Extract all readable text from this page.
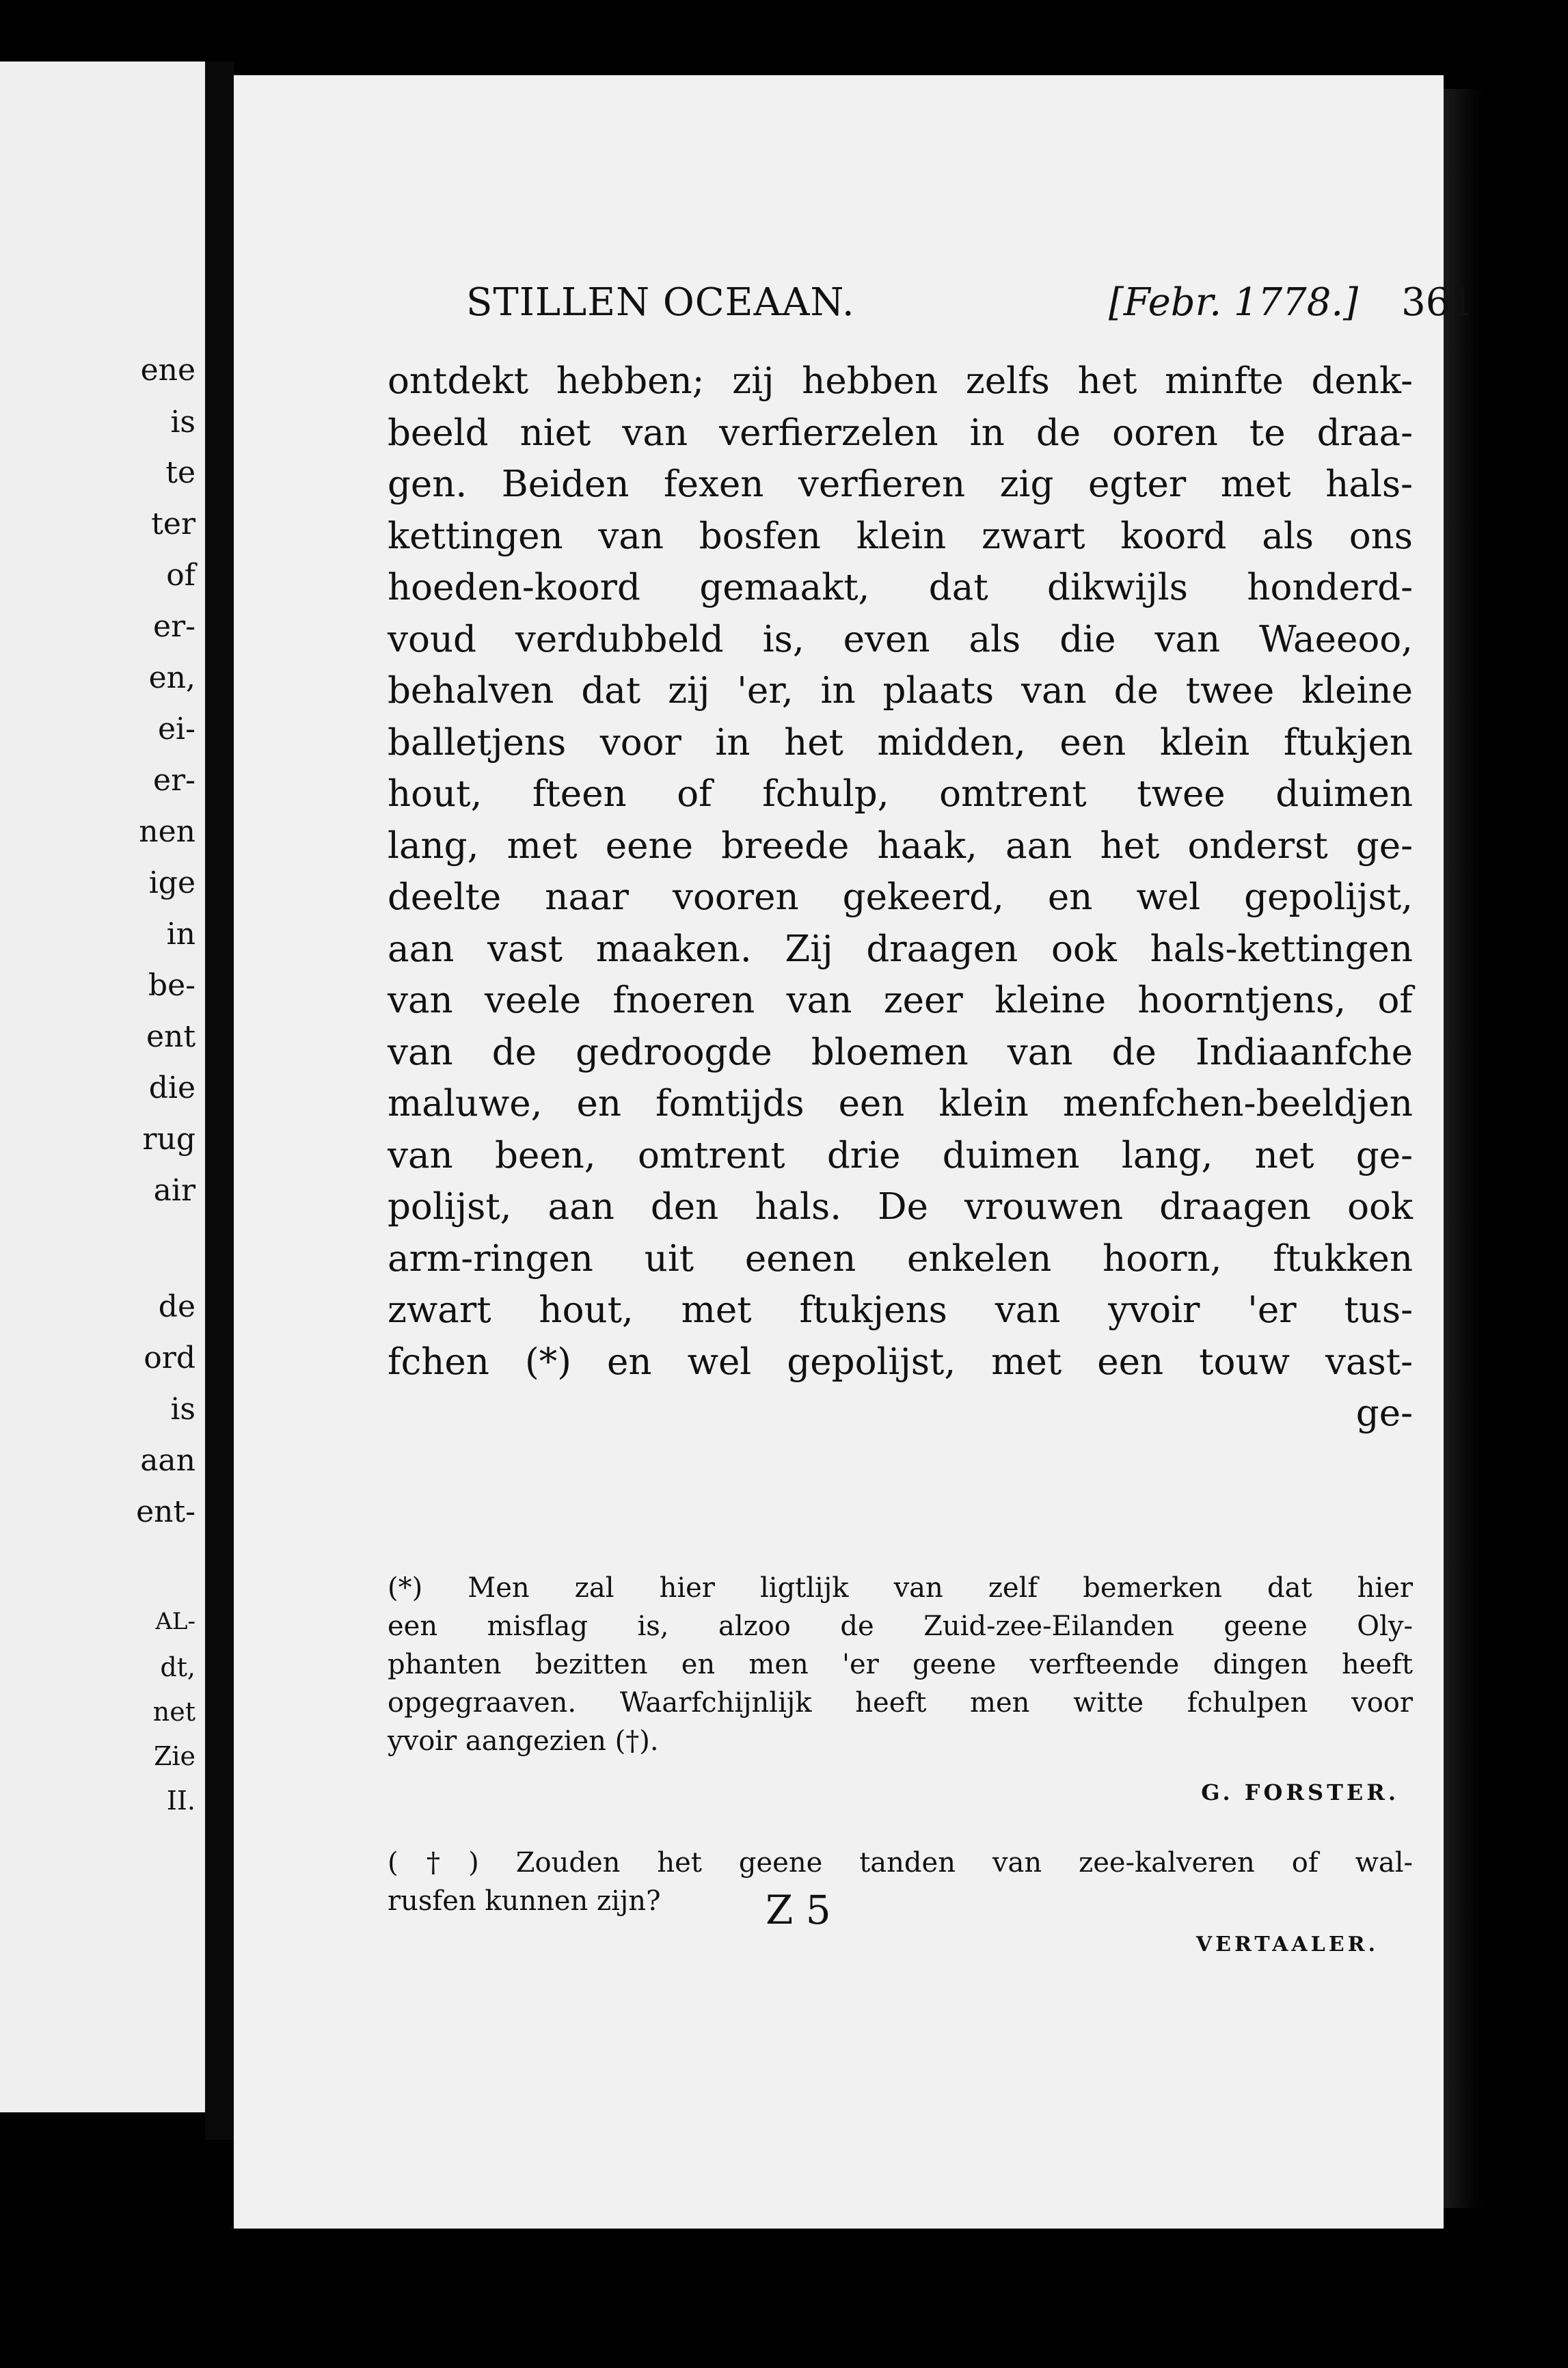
ene
is
te
ter
of
er-
en,
ei-
er-
nen
ige
in
be-
ent
die
rug
air
de
ord
is
aan
ent-
AL-
dt,
net
Zie
II.
STILLEN OCEAAN.	[Febr. 1778.] 361
ontdekt hebben; zij hebben zelfs het minfte denk-
beeld niet van verfierzelen in de ooren te draa-
gen. Beiden fexen verfieren zig egter met hals-
kettingen van bosfen klein zwart koord als ons
hoeden-koord gemaakt, dat dikwijls honderd-
voud verdubbeld is, even als die van Waeeoo,
behalven dat zij 'er, in plaats van de twee kleine
balletjens voor in het midden, een klein ftukjen
hout, fteen of fchulp, omtrent twee duimen
lang, met eene breede haak, aan het onderst ge-
deelte naar vooren gekeerd, en wel gepolijst,
aan vast maaken. Zij draagen ook hals-kettingen
van veele fnoeren van zeer kleine hoorntjens, of
van de gedroogde bloemen van de Indiaanfche
maluwe, en fomtijds een klein menfchen-beeldjen
van been, omtrent drie duimen lang, net ge-
polijst, aan den hals. De vrouwen draagen ook
arm-ringen uit eenen enkelen hoorn, ftukken
zwart hout, met ftukjens van yvoir 'er tus-
fchen (*) en wel gepolijst, met een touw vast-
ge-
(*) Men zal hier ligtlijk van zelf bemerken dat hier
een misflag is, alzoo de Zuid-zee-Eilanden geene Oly-
phanten bezitten en men 'er geene verfteende dingen heeft
opgegraaven. Waarfchijnlijk heeft men witte fchulpen voor
yvoir aangezien (†).
G. FORSTER.
(†) Zouden het geene tanden van zee-kalveren of wal-
rusfen kunnen zijn?
VERTAALER.
Z 5
